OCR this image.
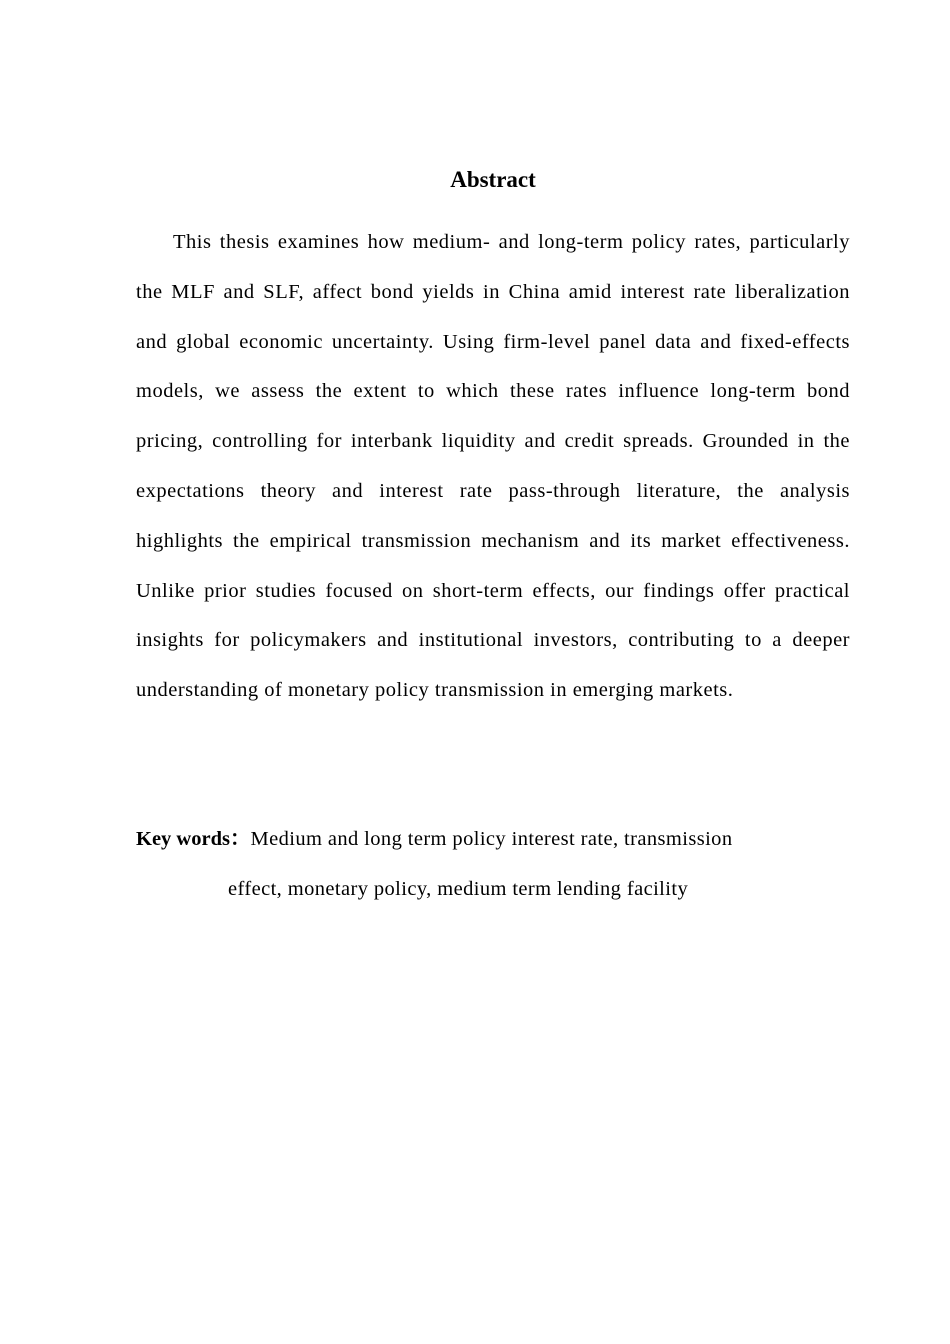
Abstract

This thesis examines how medium- and long-term policy rates, particularly the MLF and SLF, affect bond yields in China amid interest rate liberalization and global economic uncertainty. Using firm-level panel data and fixed-effects models, we assess the extent to which these rates influence long-term bond pricing, controlling for interbank liquidity and credit spreads. Grounded in the expectations theory and interest rate pass-through literature, the analysis highlights the empirical transmission mechanism and its market effectiveness. Unlike prior studies focused on short-term effects, our findings offer practical insights for policymakers and institutional investors, contributing to a deeper understanding of monetary policy transmission in emerging markets.

Key words：Medium and long term policy interest rate, transmission
effect, monetary policy, medium term lending facility
